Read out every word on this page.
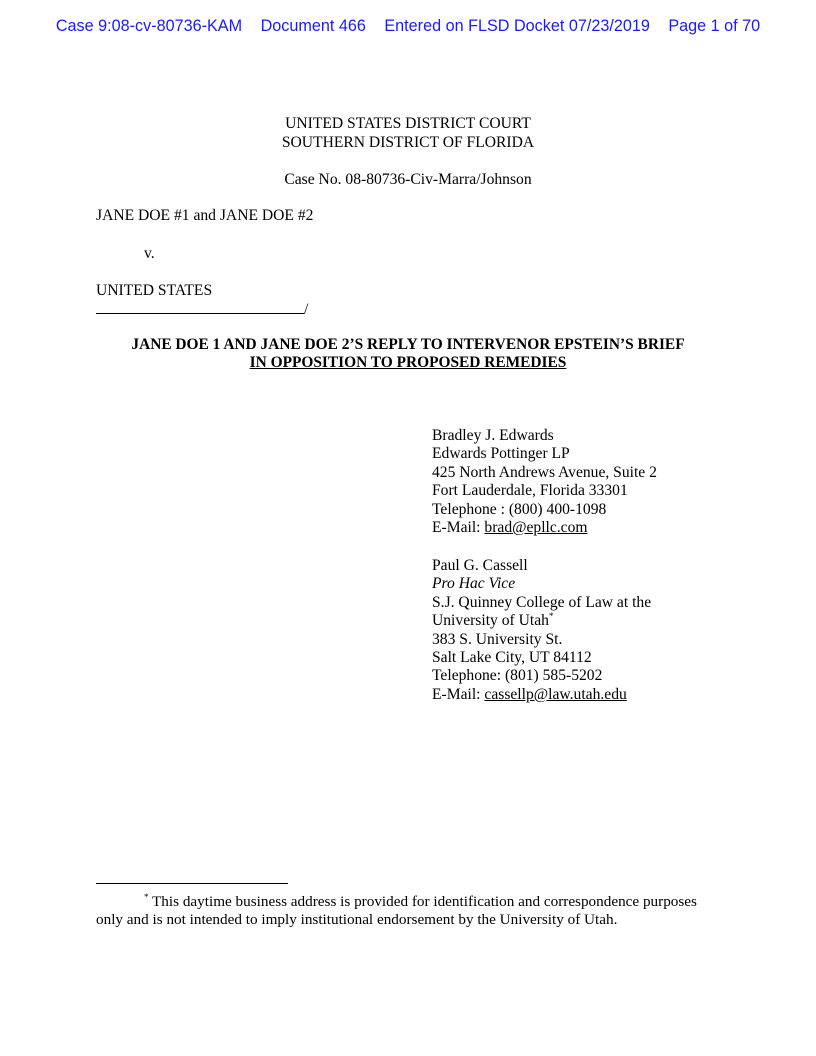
Case 9:08-cv-80736-KAM Document 466 Entered on FLSD Docket 07/23/2019 Page 1 of 70
UNITED STATES DISTRICT COURT
SOUTHERN DISTRICT OF FLORIDA
Case No. 08-80736-Civ-Marra/Johnson
JANE DOE #1 and JANE DOE #2
v.
UNITED STATES
/
JANE DOE 1 AND JANE DOE 2’S REPLY TO INTERVENOR EPSTEIN’S BRIEF
IN OPPOSITION TO PROPOSED REMEDIES
Bradley J. Edwards
Edwards Pottinger LP
425 North Andrews Avenue, Suite 2
Fort Lauderdale, Florida 33301
Telephone : (800) 400-1098
E-Mail: brad@epllc.com
Paul G. Cassell
Pro Hac Vice
S.J. Quinney College of Law at the
University of Utah*
383 S. University St.
Salt Lake City, UT 84112
Telephone: (801) 585-5202
E-Mail: cassellp@law.utah.edu
* This daytime business address is provided for identification and correspondence purposes
only and is not intended to imply institutional endorsement by the University of Utah.
